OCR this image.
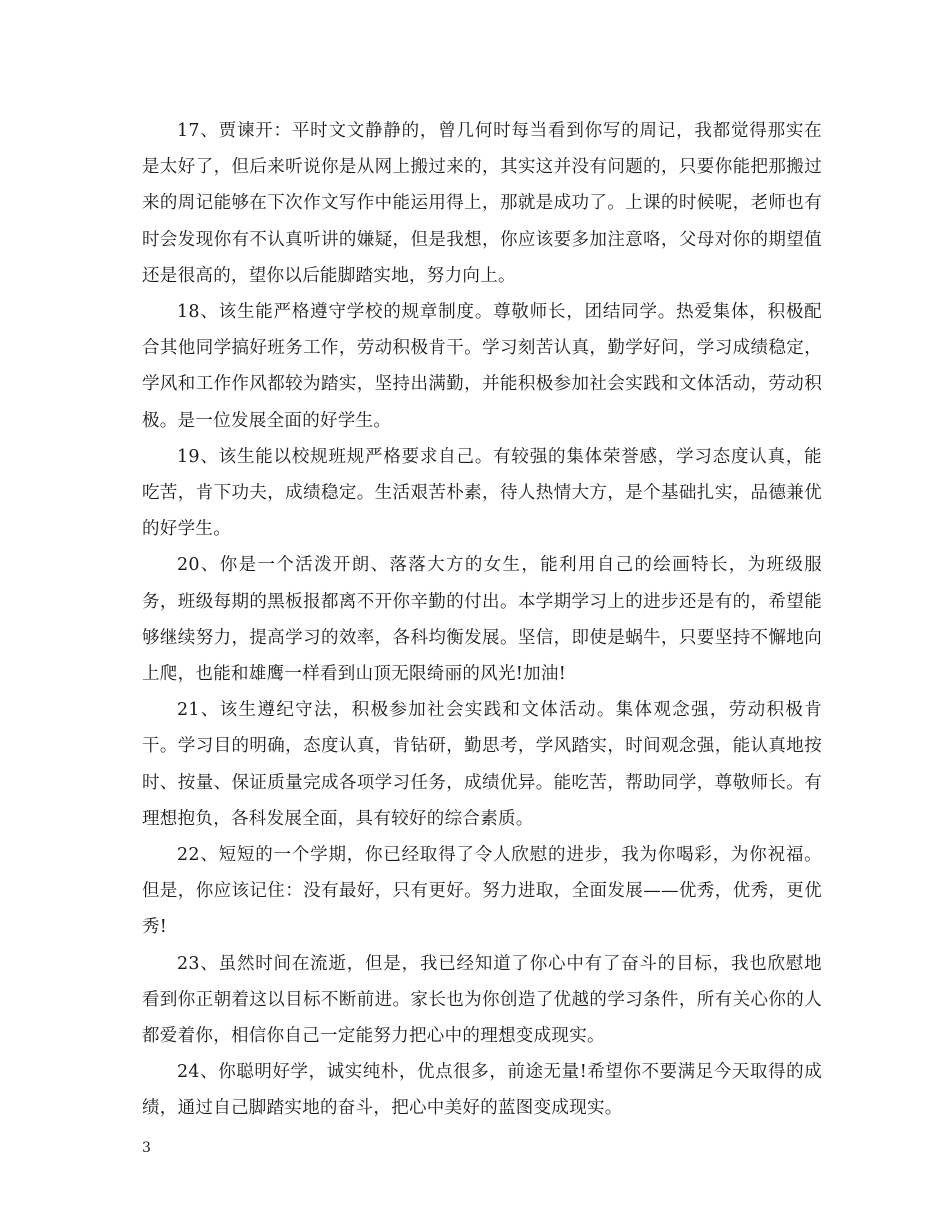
17、贾谏开：平时文文静静的，曾几何时每当看到你写的周记，我都觉得那实在是太好了，但后来听说你是从网上搬过来的，其实这并没有问题的，只要你能把那搬过来的周记能够在下次作文写作中能运用得上，那就是成功了。上课的时候呢，老师也有时会发现你有不认真听讲的嫌疑，但是我想，你应该要多加注意咯，父母对你的期望值还是很高的，望你以后能脚踏实地，努力向上。

18、该生能严格遵守学校的规章制度。尊敬师长，团结同学。热爱集体，积极配合其他同学搞好班务工作，劳动积极肯干。学习刻苦认真，勤学好问，学习成绩稳定，学风和工作作风都较为踏实，坚持出满勤，并能积极参加社会实践和文体活动，劳动积极。是一位发展全面的好学生。

19、该生能以校规班规严格要求自己。有较强的集体荣誉感，学习态度认真，能吃苦，肯下功夫，成绩稳定。生活艰苦朴素，待人热情大方，是个基础扎实，品德兼优的好学生。

20、你是一个活泼开朗、落落大方的女生，能利用自己的绘画特长，为班级服务，班级每期的黑板报都离不开你辛勤的付出。本学期学习上的进步还是有的，希望能够继续努力，提高学习的效率，各科均衡发展。坚信，即使是蜗牛，只要坚持不懈地向上爬，也能和雄鹰一样看到山顶无限绮丽的风光!加油!

21、该生遵纪守法，积极参加社会实践和文体活动。集体观念强，劳动积极肯干。学习目的明确，态度认真，肯钻研，勤思考，学风踏实，时间观念强，能认真地按时、按量、保证质量完成各项学习任务，成绩优异。能吃苦，帮助同学，尊敬师长。有理想抱负，各科发展全面，具有较好的综合素质。

22、短短的一个学期，你已经取得了令人欣慰的进步，我为你喝彩，为你祝福。但是，你应该记住：没有最好，只有更好。努力进取，全面发展——优秀，优秀，更优秀!

23、虽然时间在流逝，但是，我已经知道了你心中有了奋斗的目标，我也欣慰地看到你正朝着这以目标不断前进。家长也为你创造了优越的学习条件，所有关心你的人都爱着你，相信你自己一定能努力把心中的理想变成现实。

24、你聪明好学，诚实纯朴，优点很多，前途无量!希望你不要满足今天取得的成绩，通过自己脚踏实地的奋斗，把心中美好的蓝图变成现实。

3
